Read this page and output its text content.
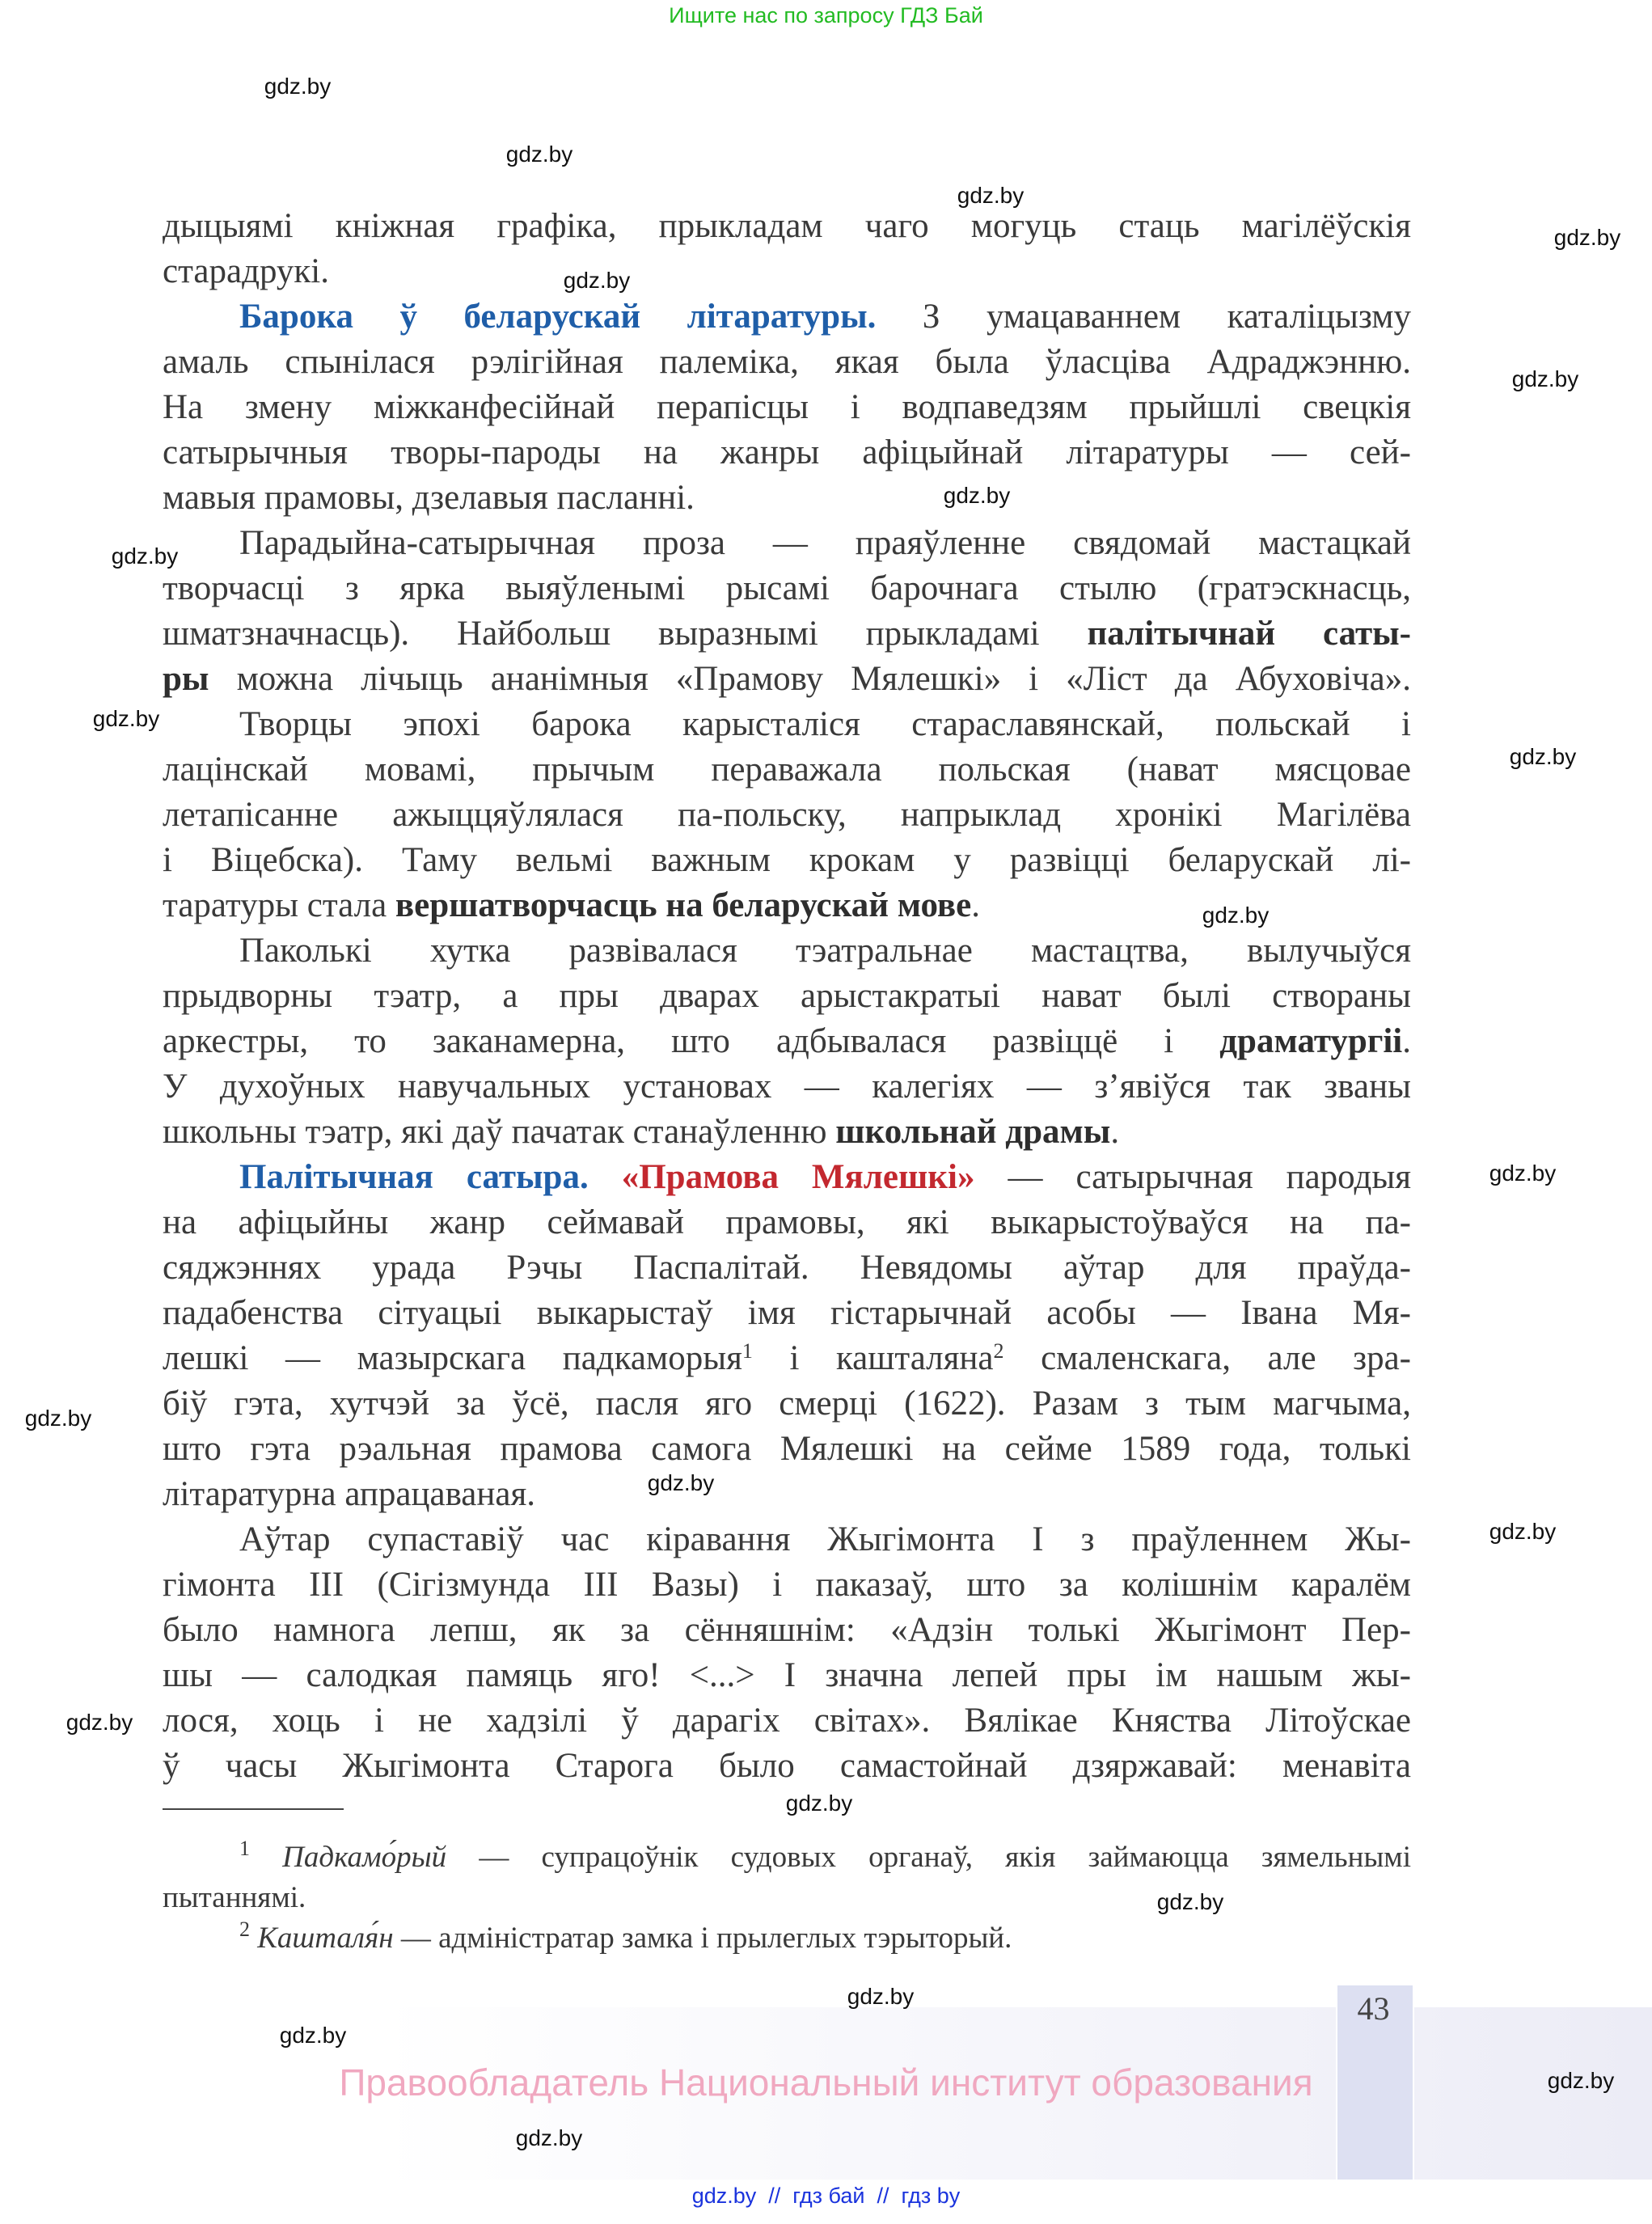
Ищите нас по запросу ГДЗ Бай
дыцыямі кніжная графіка, прыкладам чаго могуць стаць магілёўскія
старадрукі.
Барока ў беларускай літаратуры. З умацаваннем каталіцызму
амаль спынілася рэлігійная палеміка, якая была ўласціва Адраджэнню.
На змену міжканфесійнай перапісцы і водпаведзям прыйшлі свецкія
сатырычныя творы-пароды на жанры афіцыйнай літаратуры — сей-
мавыя прамовы, дзелавыя пасланні.
Парадыйна-сатырычная проза — праяўленне свядомай мастацкай
творчасці з ярка выяўленымі рысамі барочнага стылю (гратэскнасць,
шматзначнасць). Найбольш выразнымі прыкладамі палітычнай саты-
ры можна лічыць ананімныя «Прамову Мялешкі» і «Ліст да Абуховіча».
Творцы эпохі барока карысталіся стараславянскай, польскай і
лацінскай мовамі, прычым пераважала польская (нават мясцовае
летапісанне ажыццяўлялася па-польску, напрыклад хронікі Магілёва
і Віцебска). Таму вельмі важным крокам у развіцці беларускай лі-
таратуры стала вершатворчасць на беларускай мове.
Паколькі хутка развівалася тэатральнае мастацтва, вылучыўся
прыдворны тэатр, а пры дварах арыстакратыі нават былі створаны
аркестры, то заканамерна, што адбывалася развіццё і драматургіі.
У духоўных навучальных установах — калегіях — з’явіўся так званы
школьны тэатр, які даў пачатак станаўленню школьнай драмы.
Палітычная сатыра. «Прамова Мялешкі» — сатырычная пародыя
на афіцыйны жанр сеймавай прамовы, які выкарыстоўваўся на па-
сяджэннях урада Рэчы Паспалітай. Невядомы аўтар для праўда-
падабенства сітуацыі выкарыстаў імя гістарычнай асобы — Івана Мя-
лешкі — мазырскага падкаморыя$^1$ і кашталяна$^2$ смаленскага, але зра-
біў гэта, хутчэй за ўсё, пасля яго смерці (1622). Разам з тым магчыма,
што гэта рэальная прамова самога Мялешкі на сейме 1589 года, толькі
літаратурна апрацаваная.
Аўтар супаставіў час кіравання Жыгімонта I з праўленнем Жы-
гімонта III (Сігізмунда III Вазы) і паказаў, што за колішнім каралём
было намнога лепш, як за сённяшнім: «Адзін толькі Жыгімонт Пер-
шы — салодкая памяць яго! <...> І значна лепей пры ім нашым жы-
лося, хоць і не хадзілі ў дарагіх світах». Вялікае Княства Літоўскае
ў часы Жыгімонта Старога было самастойнай дзяржавай: менавіта
$^1$ Падкамо́рый — супрацоўнік судовых органаў, якія займаюцца зямельнымі
пытаннямі.
$^2$ Кашталя́н — адміністратар замка і прылеглых тэрыторый.
43
Правообладатель Национальный институт образования
gdz.by  //  гдз бай  //  гдз by
gdz.by
gdz.by
gdz.by
gdz.by
gdz.by
gdz.by
gdz.by
gdz.by
gdz.by
gdz.by
gdz.by
gdz.by
gdz.by
gdz.by
gdz.by
gdz.by
gdz.by
gdz.by
gdz.by
gdz.by
gdz.by
gdz.by
